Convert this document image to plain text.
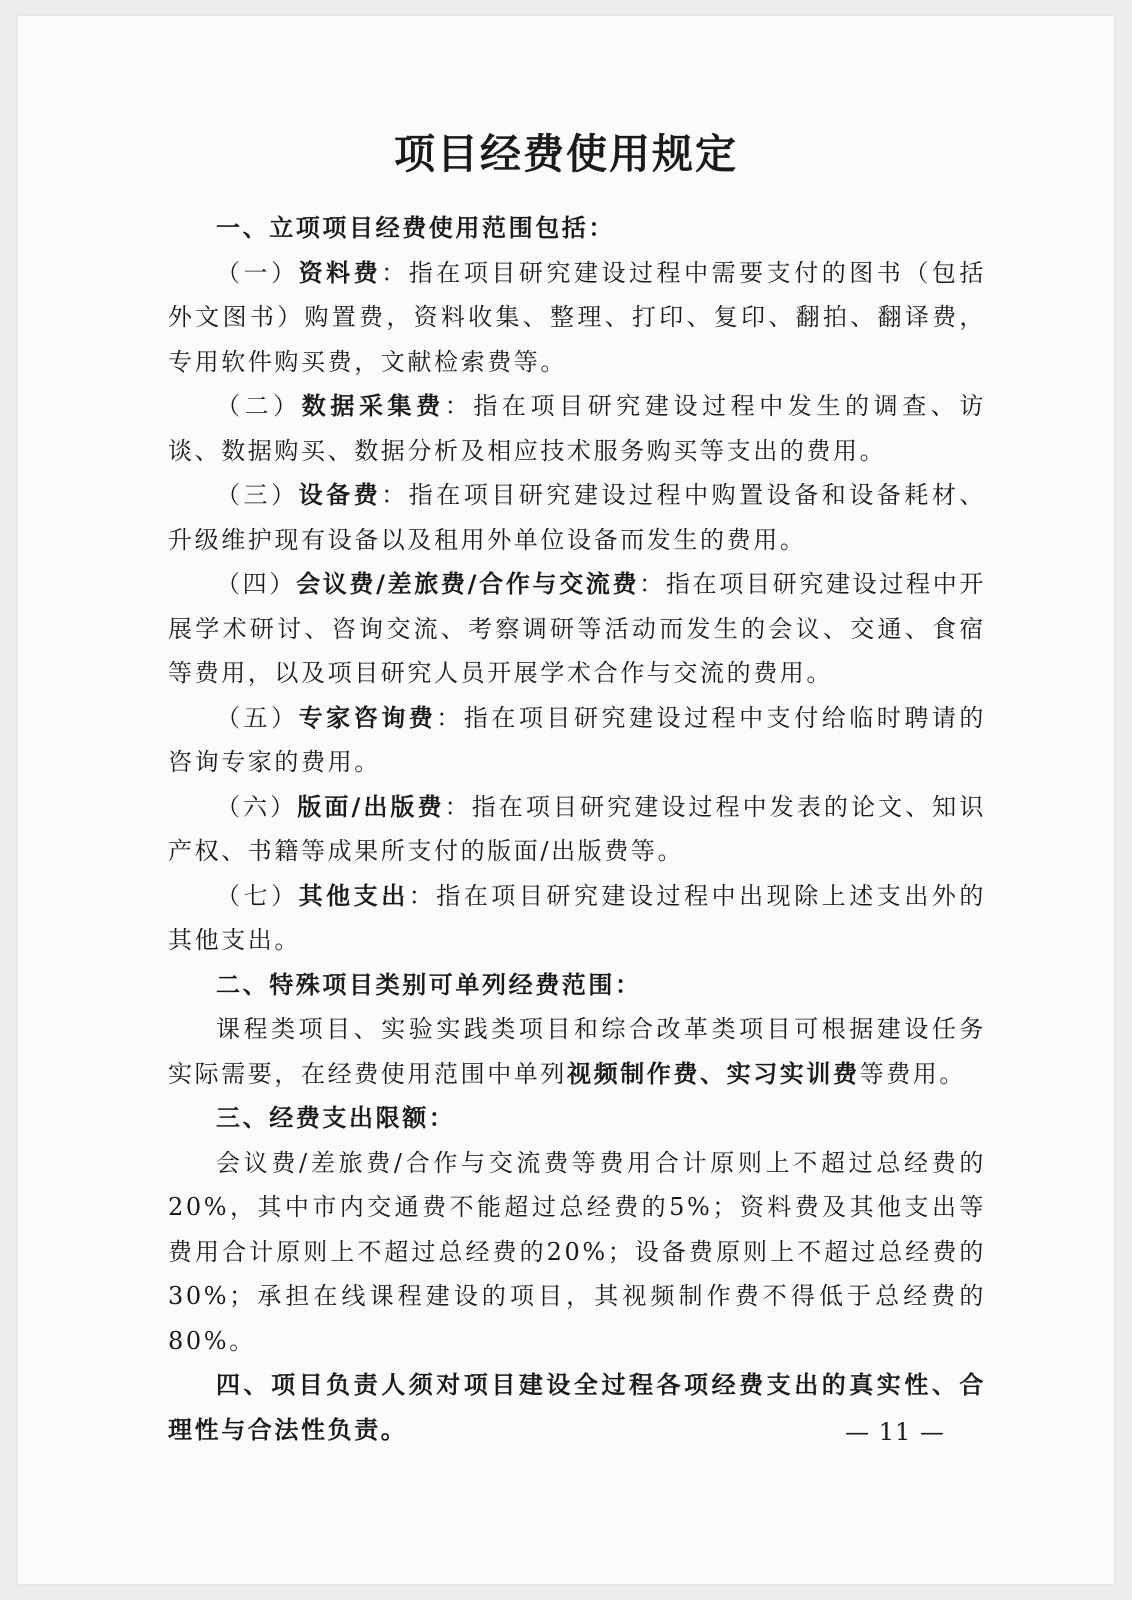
项目经费使用规定

一、立项项目经费使用范围包括：

（一）资料费：指在项目研究建设过程中需要支付的图书（包括外文图书）购置费，资料收集、整理、打印、复印、翻拍、翻译费，专用软件购买费，文献检索费等。

（二）数据采集费：指在项目研究建设过程中发生的调查、访谈、数据购买、数据分析及相应技术服务购买等支出的费用。

（三）设备费：指在项目研究建设过程中购置设备和设备耗材、升级维护现有设备以及租用外单位设备而发生的费用。

（四）会议费/差旅费/合作与交流费：指在项目研究建设过程中开展学术研讨、咨询交流、考察调研等活动而发生的会议、交通、食宿等费用，以及项目研究人员开展学术合作与交流的费用。

（五）专家咨询费：指在项目研究建设过程中支付给临时聘请的咨询专家的费用。

（六）版面/出版费：指在项目研究建设过程中发表的论文、知识产权、书籍等成果所支付的版面/出版费等。

（七）其他支出：指在项目研究建设过程中出现除上述支出外的其他支出。

二、特殊项目类别可单列经费范围：

课程类项目、实验实践类项目和综合改革类项目可根据建设任务实际需要，在经费使用范围中单列视频制作费、实习实训费等费用。

三、经费支出限额：

会议费/差旅费/合作与交流费等费用合计原则上不超过总经费的20%，其中市内交通费不能超过总经费的5%；资料费及其他支出等费用合计原则上不超过总经费的20%；设备费原则上不超过总经费的30%；承担在线课程建设的项目，其视频制作费不得低于总经费的80%。

四、项目负责人须对项目建设全过程各项经费支出的真实性、合理性与合法性负责。	— 11 —
